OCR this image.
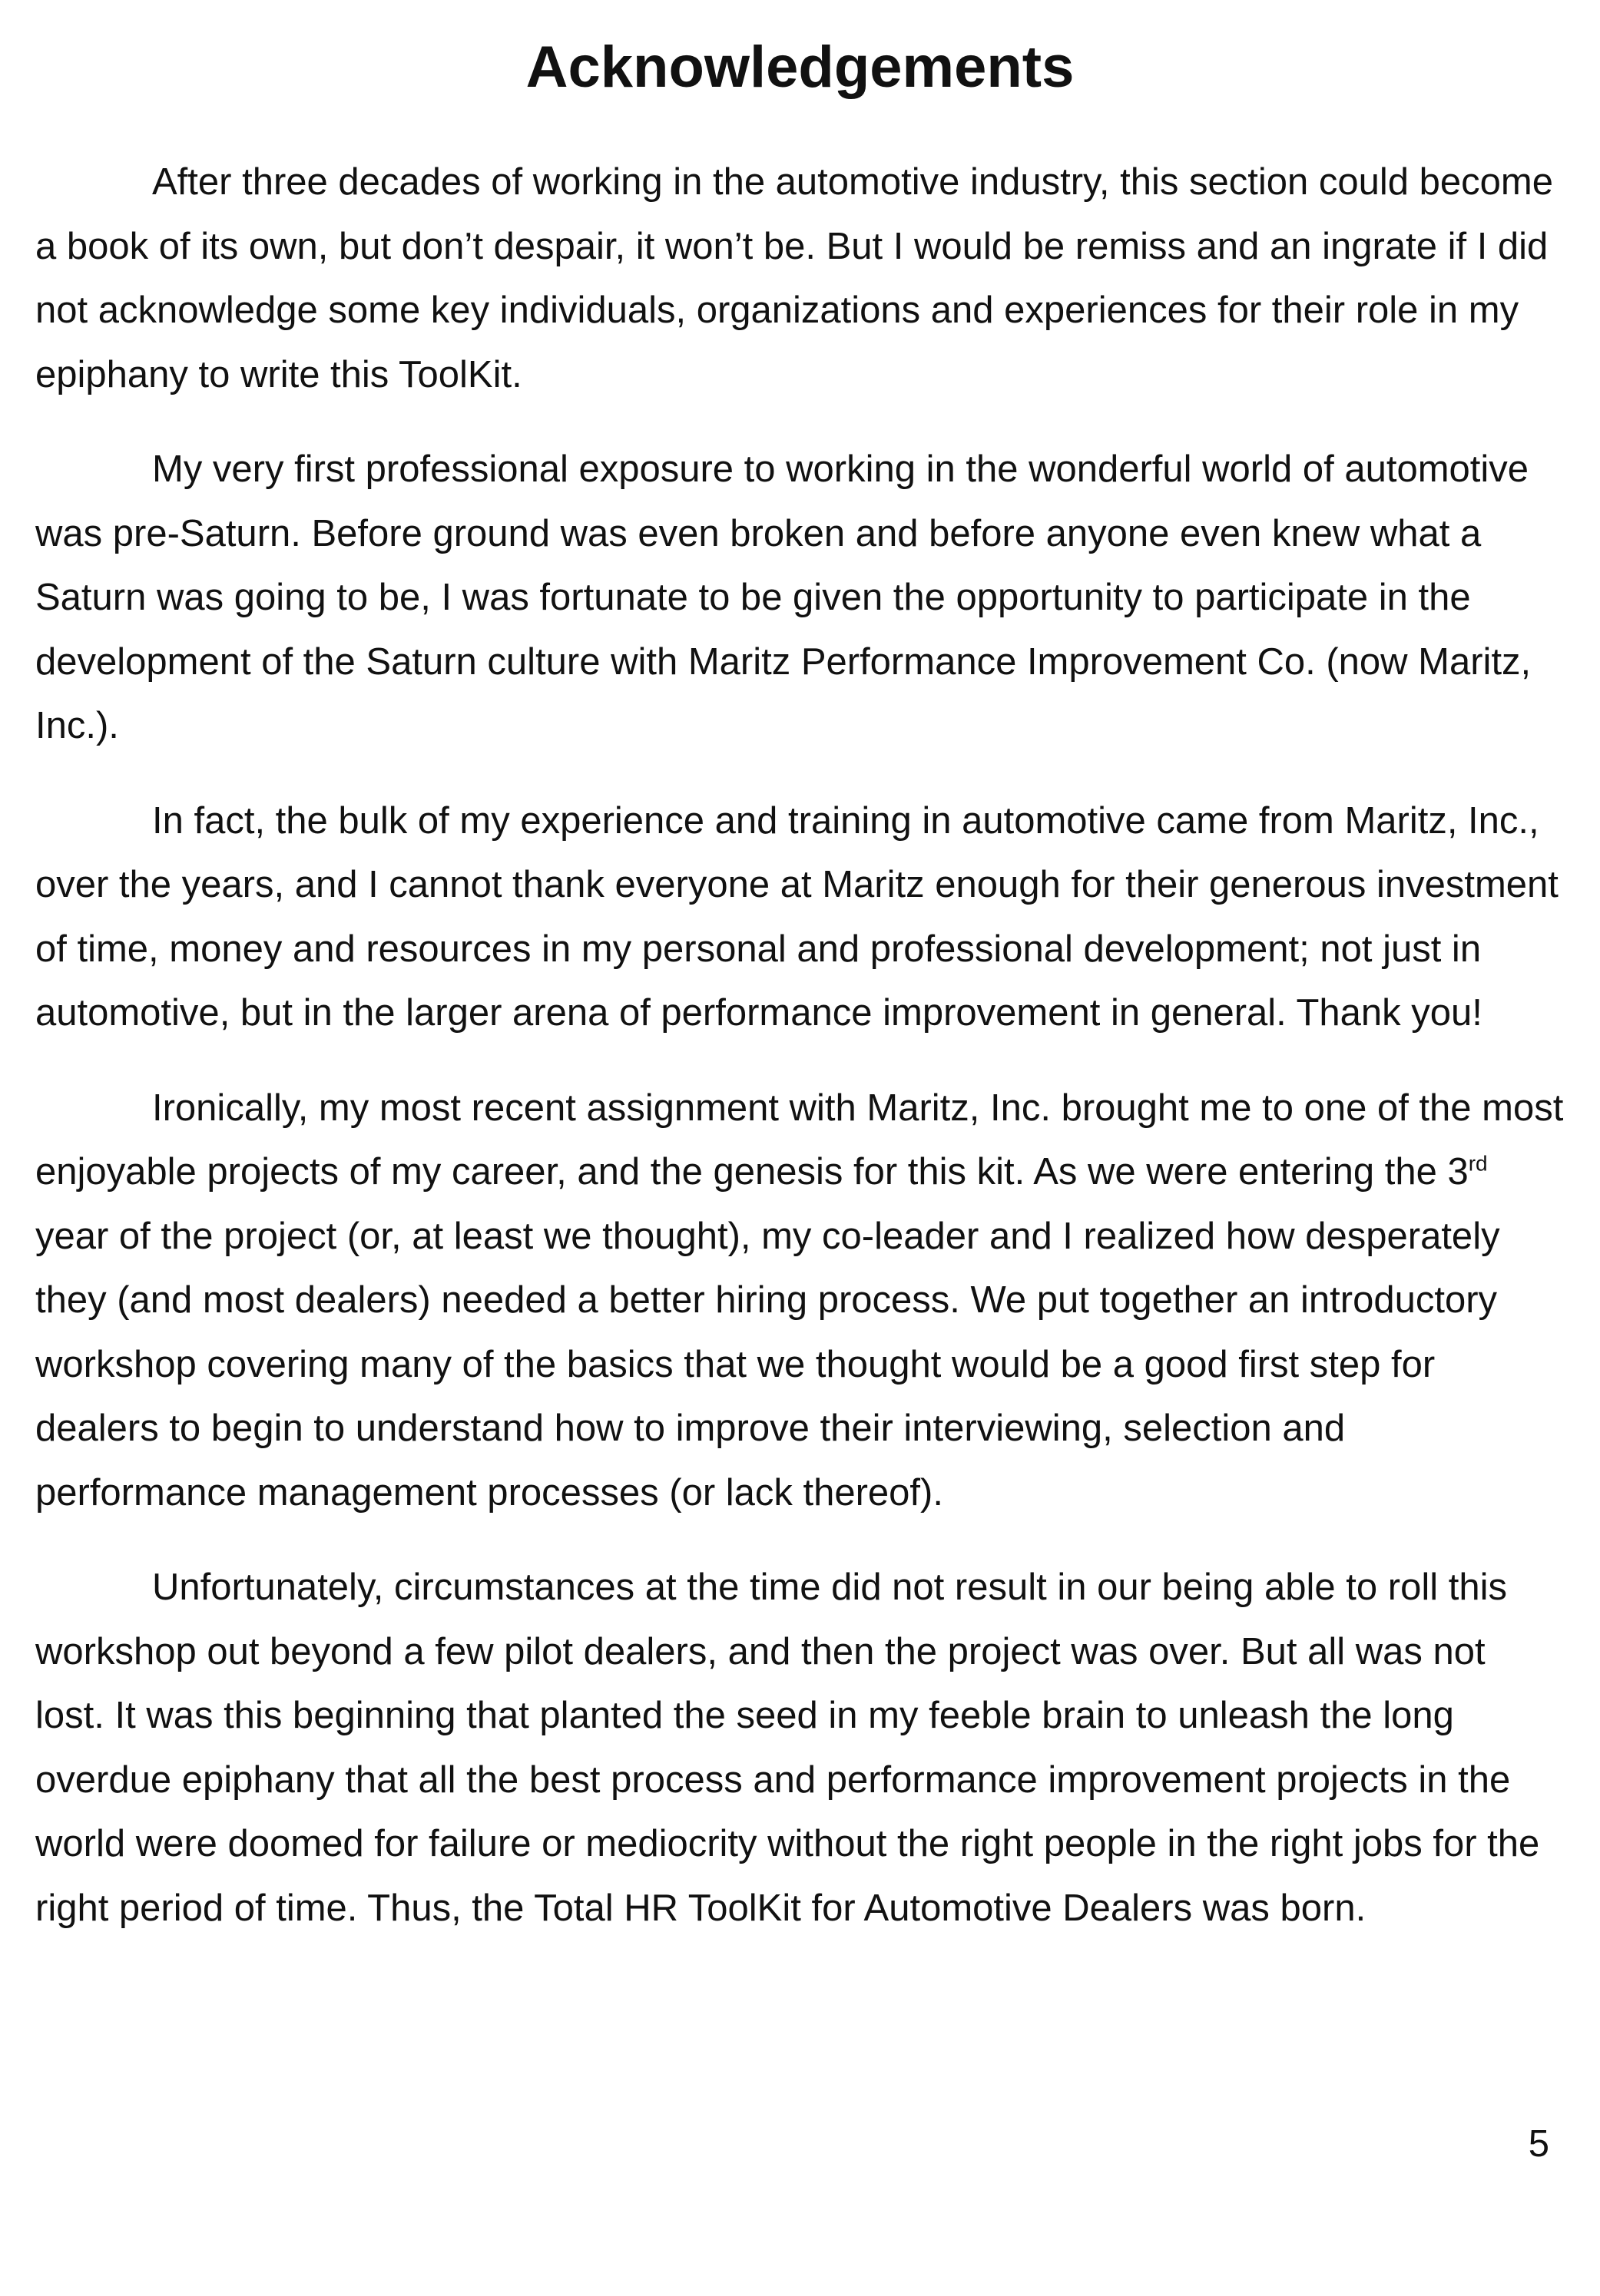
Acknowledgements

After three decades of working in the automotive industry, this section could become a book of its own, but don’t despair, it won’t be. But I would be remiss and an ingrate if I did not acknowledge some key individuals, organizations and experiences for their role in my epiphany to write this ToolKit.

My very first professional exposure to working in the wonderful world of automotive was pre-Saturn. Before ground was even broken and before anyone even knew what a Saturn was going to be, I was fortunate to be given the opportunity to participate in the development of the Saturn culture with Maritz Performance Improvement Co. (now Maritz, Inc.).

In fact, the bulk of my experience and training in automotive came from Maritz, Inc., over the years, and I cannot thank everyone at Maritz enough for their generous investment of time, money and resources in my personal and professional development; not just in automotive, but in the larger arena of performance improvement in general. Thank you!

Ironically, my most recent assignment with Maritz, Inc. brought me to one of the most enjoyable projects of my career, and the genesis for this kit. As we were entering the 3rd year of the project (or, at least we thought), my co-leader and I realized how desperately they (and most dealers) needed a better hiring process. We put together an introductory workshop covering many of the basics that we thought would be a good first step for dealers to begin to understand how to improve their interviewing, selection and performance management processes (or lack thereof).

Unfortunately, circumstances at the time did not result in our being able to roll this workshop out beyond a few pilot dealers, and then the project was over. But all was not lost. It was this beginning that planted the seed in my feeble brain to unleash the long overdue epiphany that all the best process and performance improvement projects in the world were doomed for failure or mediocrity without the right people in the right jobs for the right period of time. Thus, the Total HR ToolKit for Automotive Dealers was born.

5
